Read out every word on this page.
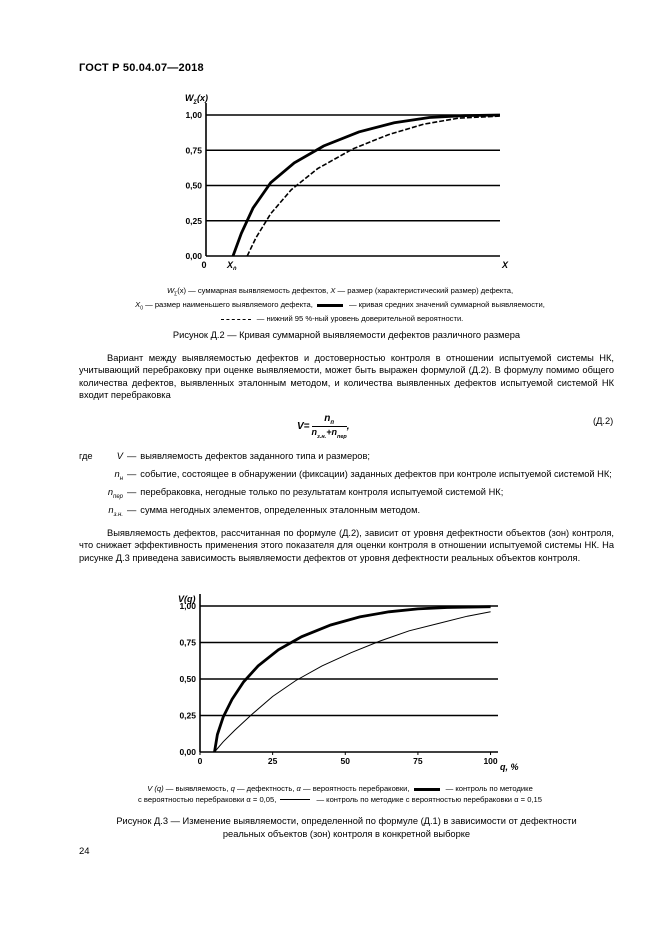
ГОСТ Р 50.04.07—2018
$W_\Sigma(x)$
0,00
0,25
0,50
0,75
1,00
0 $X_0$	X
$W_\Sigma(x)$ — суммарная выявляемость дефектов, X — размер (характеристический размер) дефекта,
$X_0$ — размер наименьшего выявляемого дефекта,	— кривая средних значений суммарной выявляемости,
— нижний 95 %-ный уровень доверительной вероятности.
Рисунок Д.2 — Кривая суммарной выявляемости дефектов различного размера
Вариант между выявляемостью дефектов и достоверностью контроля в отношении испытуемой системы НК, учитывающий перебраковку при оценке выявляемости, может быть выражен формулой (Д.2). В формулу помимо общего количества дефектов, выявленных эталонным методом, и количества выявленных дефектов испытуемой системой НК входит перебраковка
$V= \frac{n_п}{n_{з.н.}+n_{пер}}$ ,
(Д.2)
где	V — выявляемость дефектов заданного типа и размеров;
$n_н$ — событие, состоящее в обнаружении (фиксации) заданных дефектов при контроле испытуемой системой НК;
$n_{пер}$ — перебраковка, негодные только по результатам контроля испытуемой системой НК;
$n_{з.н.}$ — сумма негодных элементов, определенных эталонным методом.
Выявляемость дефектов, рассчитанная по формуле (Д.2), зависит от уровня дефектности объектов (зон) контроля, что снижает эффективность применения этого показателя для оценки контроля в отношении испытуемой системы НК. На рисунке Д.3 приведена зависимость выявляемости дефектов от уровня дефектности реальных объектов контроля.
V(q)
0,00
0,25
0,50
0,75
1,00
0	25	50	75	100
q, %
V (q) — выявляемость, q — дефектность, α — вероятность перебраковки,	— контроль по методике
с вероятностью перебраковки α = 0,05,	— контроль по методике с вероятностью перебраковки α = 0,15
Рисунок Д.3 — Изменение выявляемости, определенной по формуле (Д.1) в зависимости от дефектности
реальных объектов (зон) контроля в конкретной выборке
24
